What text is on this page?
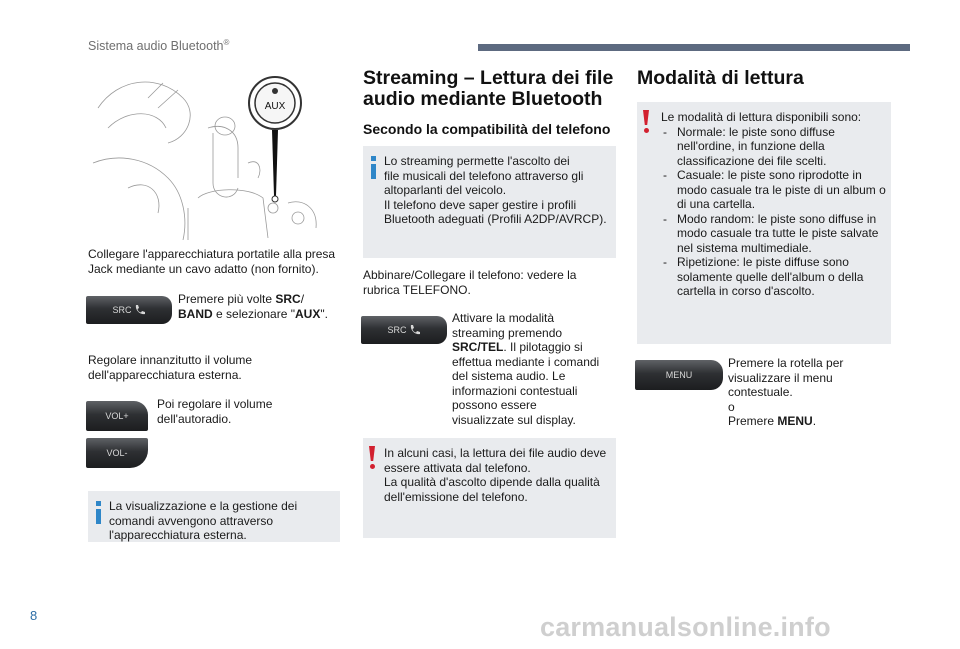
Sistema audio Bluetooth®
AUX
Collegare l'apparecchiatura portatile alla presa Jack mediante un cavo adatto (non fornito).
SRC
Premere più volte SRC/
BAND e selezionare "AUX".
Regolare innanzitutto il volume dell'apparecchiatura esterna.
VOL+
VOL-
Poi regolare il volume dell'autoradio.
La visualizzazione e la gestione dei comandi avvengono attraverso l'apparecchiatura esterna.
Streaming – Lettura dei file
audio mediante Bluetooth
Secondo la compatibilità del telefono
Lo streaming permette l'ascolto dei
file musicali del telefono attraverso gli altoparlanti del veicolo.
Il telefono deve saper gestire i profili Bluetooth adeguati (Profili A2DP/AVRCP).
Abbinare/Collegare il telefono: vedere la rubrica TELEFONO.
SRC
Attivare la modalità streaming premendo SRC/TEL. Il pilotaggio si effettua mediante i comandi del sistema audio. Le informazioni contestuali possono essere visualizzate sul display.
In alcuni casi, la lettura dei file audio deve essere attivata dal telefono.
La qualità d'ascolto dipende dalla qualità dell'emissione del telefono.
Modalità di lettura
Le modalità di lettura disponibili sono:
- Normale: le piste sono diffuse nell'ordine, in funzione della classificazione dei file scelti.
- Casuale: le piste sono riprodotte in modo casuale tra le piste di un album o di una cartella.
- Modo random: le piste sono diffuse in modo casuale tra tutte le piste salvate nel sistema multimediale.
- Ripetizione: le piste diffuse sono solamente quelle dell'album o della cartella in corso d'ascolto.
MENU
Premere la rotella per visualizzare il menu contestuale.
o
Premere MENU.
8	carmanualsonline.info
